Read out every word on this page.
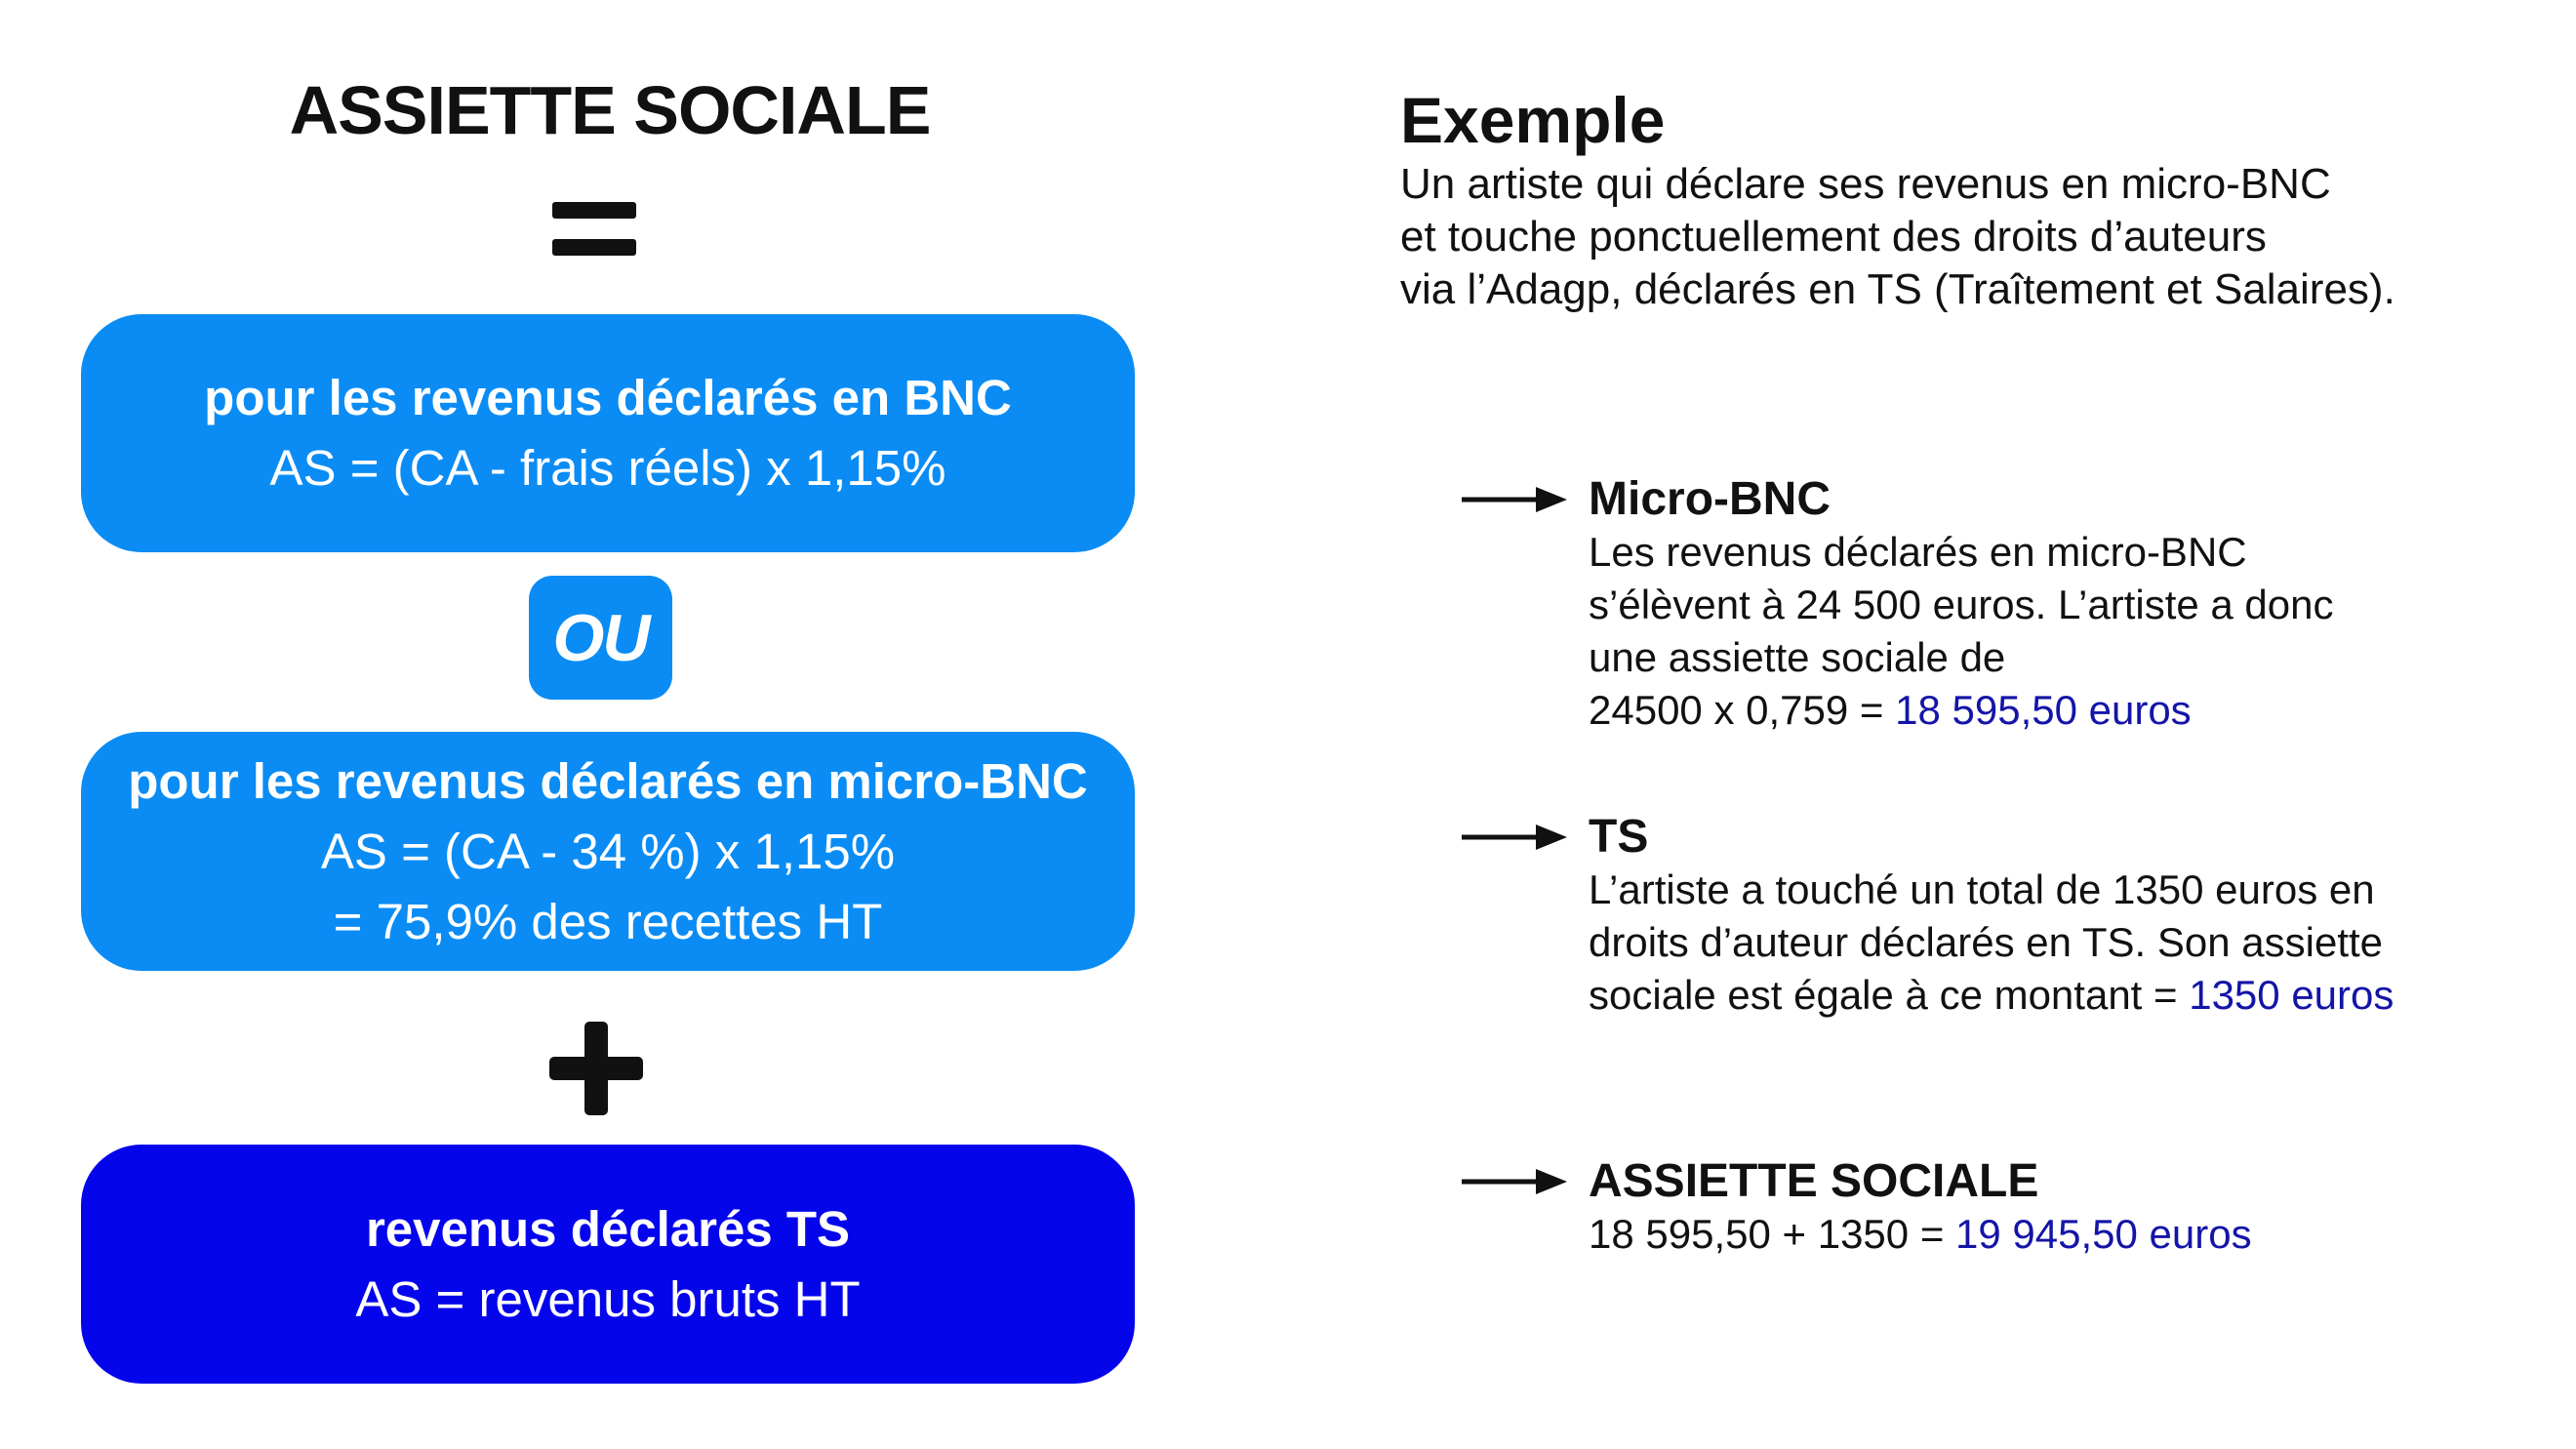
ASSIETTE SOCIALE
pour les revenus déclarés en BNC
AS = (CA - frais réels) x 1,15%
OU
pour les revenus déclarés en micro-BNC
AS = (CA - 34 %) x 1,15%
= 75,9% des recettes HT
revenus déclarés TS
AS = revenus bruts HT
Exemple
Un artiste qui déclare ses revenus en micro-BNC
et touche ponctuellement des droits d’auteurs
via l’Adagp, déclarés en TS (Traîtement et Salaires).
Micro-BNC
Les revenus déclarés en micro-BNC
s’élèvent à 24 500 euros. L’artiste a donc
une assiette sociale de
24500 x 0,759 = 18 595,50 euros
TS
L’artiste a touché un total de 1350 euros en
droits d’auteur déclarés en TS. Son assiette
sociale est égale à ce montant = 1350 euros
ASSIETTE SOCIALE
18 595,50 + 1350 = 19 945,50 euros
